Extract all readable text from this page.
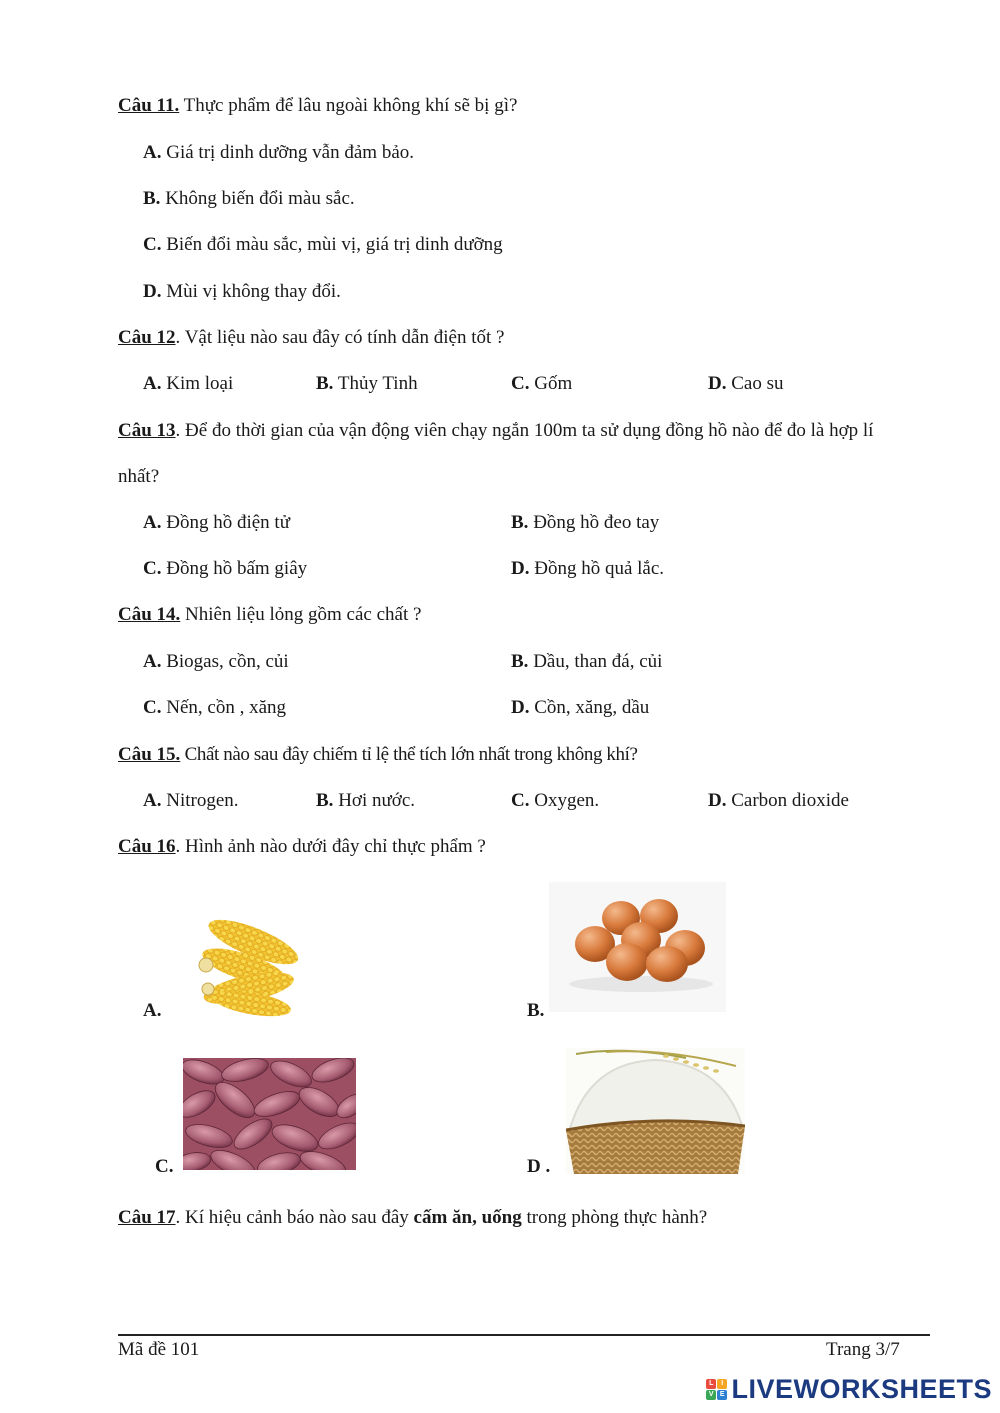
Câu 11. Thực phẩm để lâu ngoài không khí sẽ bị gì?
A. Giá trị dinh dưỡng vẫn đảm bảo.
B. Không biến đổi màu sắc.
C. Biến đổi màu sắc, mùi vị, giá trị dinh dưỡng
D. Mùi vị không thay đổi.
Câu 12. Vật liệu nào sau đây có tính dẫn điện tốt ?
A. Kim loại	B. Thủy Tinh	C. Gốm	D. Cao su
Câu 13. Để đo thời gian của vận động viên chạy ngắn 100m ta sử dụng đồng hồ nào để đo là hợp lí
nhất?
A. Đồng hồ điện tử	B. Đồng hồ đeo tay
C. Đồng hồ bấm giây	D. Đồng hồ quả lắc.
Câu 14. Nhiên liệu lỏng gồm các chất ?
A. Biogas, cồn, củi	B. Dầu, than đá, củi
C. Nến, cồn , xăng	D. Cồn, xăng, dầu
Câu 15. Chất nào sau đây chiếm tỉ lệ thể tích lớn nhất trong không khí?
A. Nitrogen.	B. Hơi nước.	C. Oxygen.	D. Carbon dioxide
Câu 16. Hình ảnh nào dưới đây chỉ thực phẩm ?
A.	B.
C.	D .
Câu 17. Kí hiệu cảnh báo nào sau đây cấm ăn, uống trong phòng thực hành?
Mã đề 101	Trang 3/7
L	I
V E LIVEWORKSHEETS
